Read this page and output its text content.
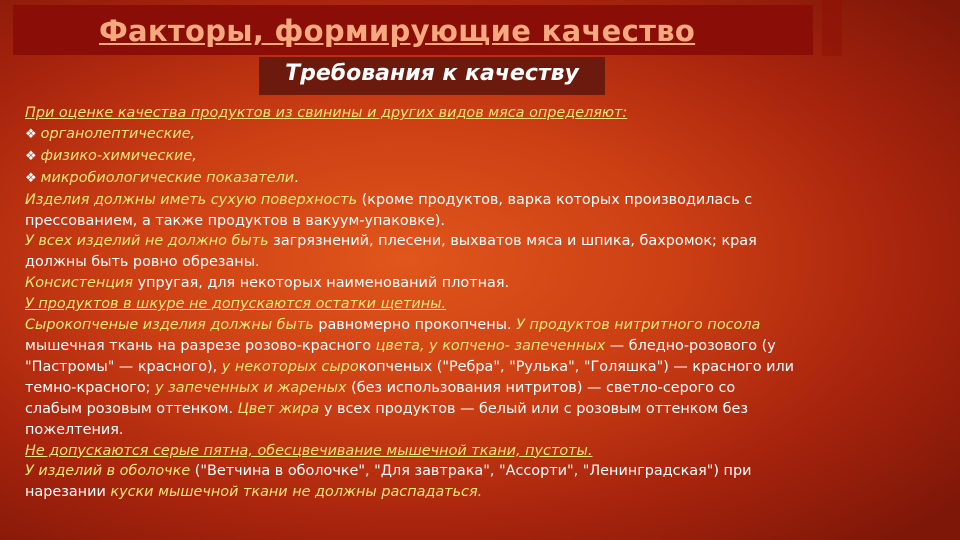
Факторы, формирующие качество
Требования к качеству
При оценке качества продуктов из свинины и других видов мяса определяют:
❖ органолептические,
❖ физико-химические,
❖ микробиологические показатели.
Изделия должны иметь сухую поверхность (кроме продуктов, варка которых производилась с
прессованием, а также продуктов в вакуум-упаковке).
У всех изделий не должно быть загрязнений, плесени, выхватов мяса и шпика, бахромок; края
должны быть ровно обрезаны.
Консистенция упругая, для некоторых наименований плотная.
У продуктов в шкуре не допускаются остатки щетины.
Сырокопченые изделия должны быть равномерно прокопчены. У продуктов нитритного посола
мышечная ткань на разрезе розово-красного цвета, у копчено- запеченных — бледно-розового (у
"Пастромы" — красного), у некоторых сырокопченых ("Ребра", "Рулька", "Голяшка") — красного или
темно-красного; у запеченных и жареных (без использования нитритов) — светло-серого со
слабым розовым оттенком. Цвет жира у всех продуктов — белый или с розовым оттенком без
пожелтения.
Не допускаются серые пятна, обесцвечивание мышечной ткани, пустоты.
У изделий в оболочке ("Ветчина в оболочке", "Для завтрака", "Ассорти", "Ленинградская") при
нарезании куски мышечной ткани не должны распадаться.
